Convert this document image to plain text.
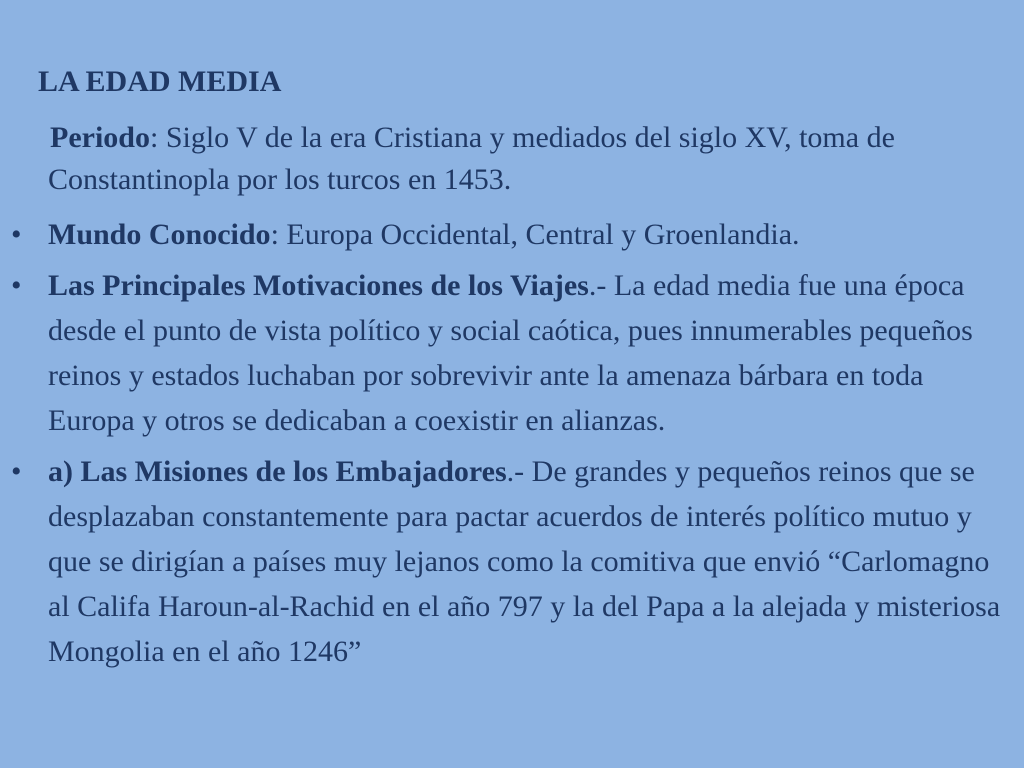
LA EDAD MEDIA
Periodo: Siglo V de la era Cristiana y mediados del siglo XV, toma de Constantinopla por los turcos en 1453.
• Mundo Conocido: Europa Occidental, Central y Groenlandia.
• Las Principales Motivaciones de los Viajes.- La edad media fue una época desde el punto de vista político y social caótica, pues innumerables pequeños reinos y estados luchaban por sobrevivir ante la amenaza bárbara en toda Europa y otros se dedicaban a coexistir en alianzas.
• a) Las Misiones de los Embajadores.- De grandes y pequeños reinos que se desplazaban constantemente para pactar acuerdos de interés político mutuo y que se dirigían a países muy lejanos como la comitiva que envió “Carlomagno al Califa Haroun-al-Rachid en el año 797 y la del Papa a la alejada y misteriosa Mongolia en el año 1246”
